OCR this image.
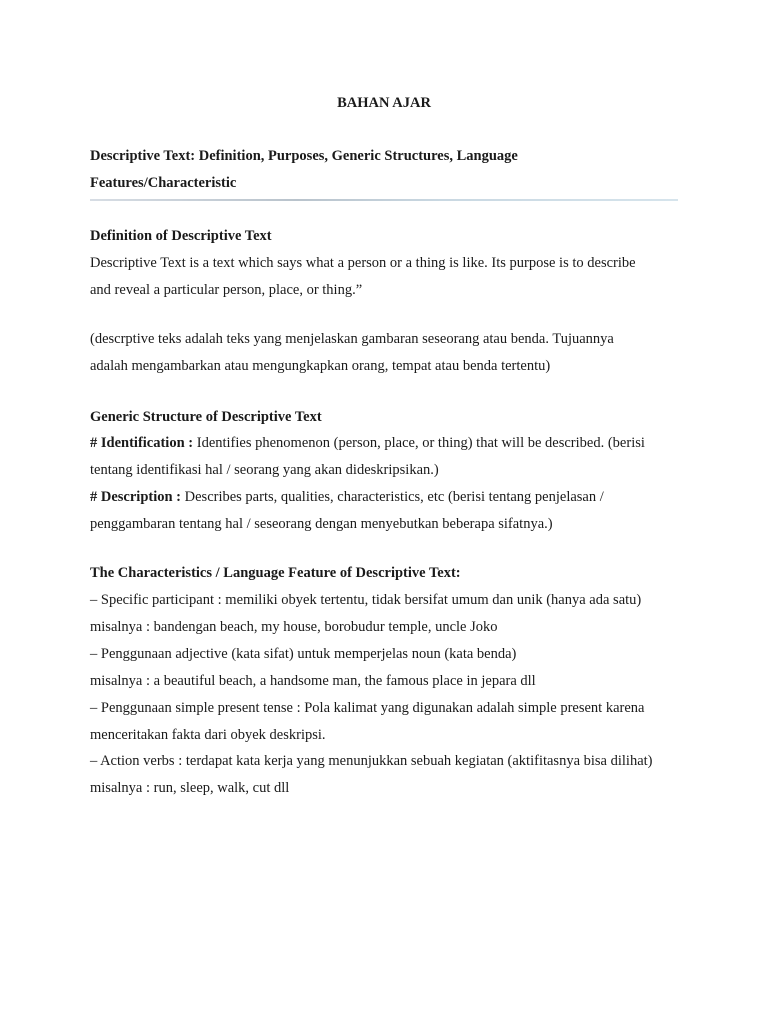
BAHAN AJAR
Descriptive Text: Definition, Purposes, Generic Structures, Language
Features/Characteristic
Definition of Descriptive Text
Descriptive Text is a text which says what a person or a thing is like. Its purpose is to describe
and reveal a particular person, place, or thing.”
(descrptive teks adalah teks yang menjelaskan gambaran seseorang atau benda. Tujuannya
adalah mengambarkan atau mengungkapkan orang, tempat atau benda tertentu)
Generic Structure of Descriptive Text
# Identification : Identifies phenomenon (person, place, or thing) that will be described. (berisi
tentang identifikasi hal / seorang yang akan dideskripsikan.)
# Description : Describes parts, qualities, characteristics, etc (berisi tentang penjelasan /
penggambaran tentang hal / seseorang dengan menyebutkan beberapa sifatnya.)
The Characteristics / Language Feature of Descriptive Text:
– Specific participant : memiliki obyek tertentu, tidak bersifat umum dan unik (hanya ada satu)
misalnya : bandengan beach, my house, borobudur temple, uncle Joko
– Penggunaan adjective (kata sifat) untuk memperjelas noun (kata benda)
misalnya : a beautiful beach, a handsome man, the famous place in jepara dll
– Penggunaan simple present tense : Pola kalimat yang digunakan adalah simple present karena
menceritakan fakta dari obyek deskripsi.
– Action verbs : terdapat kata kerja yang menunjukkan sebuah kegiatan (aktifitasnya bisa dilihat)
misalnya : run, sleep, walk, cut dll
